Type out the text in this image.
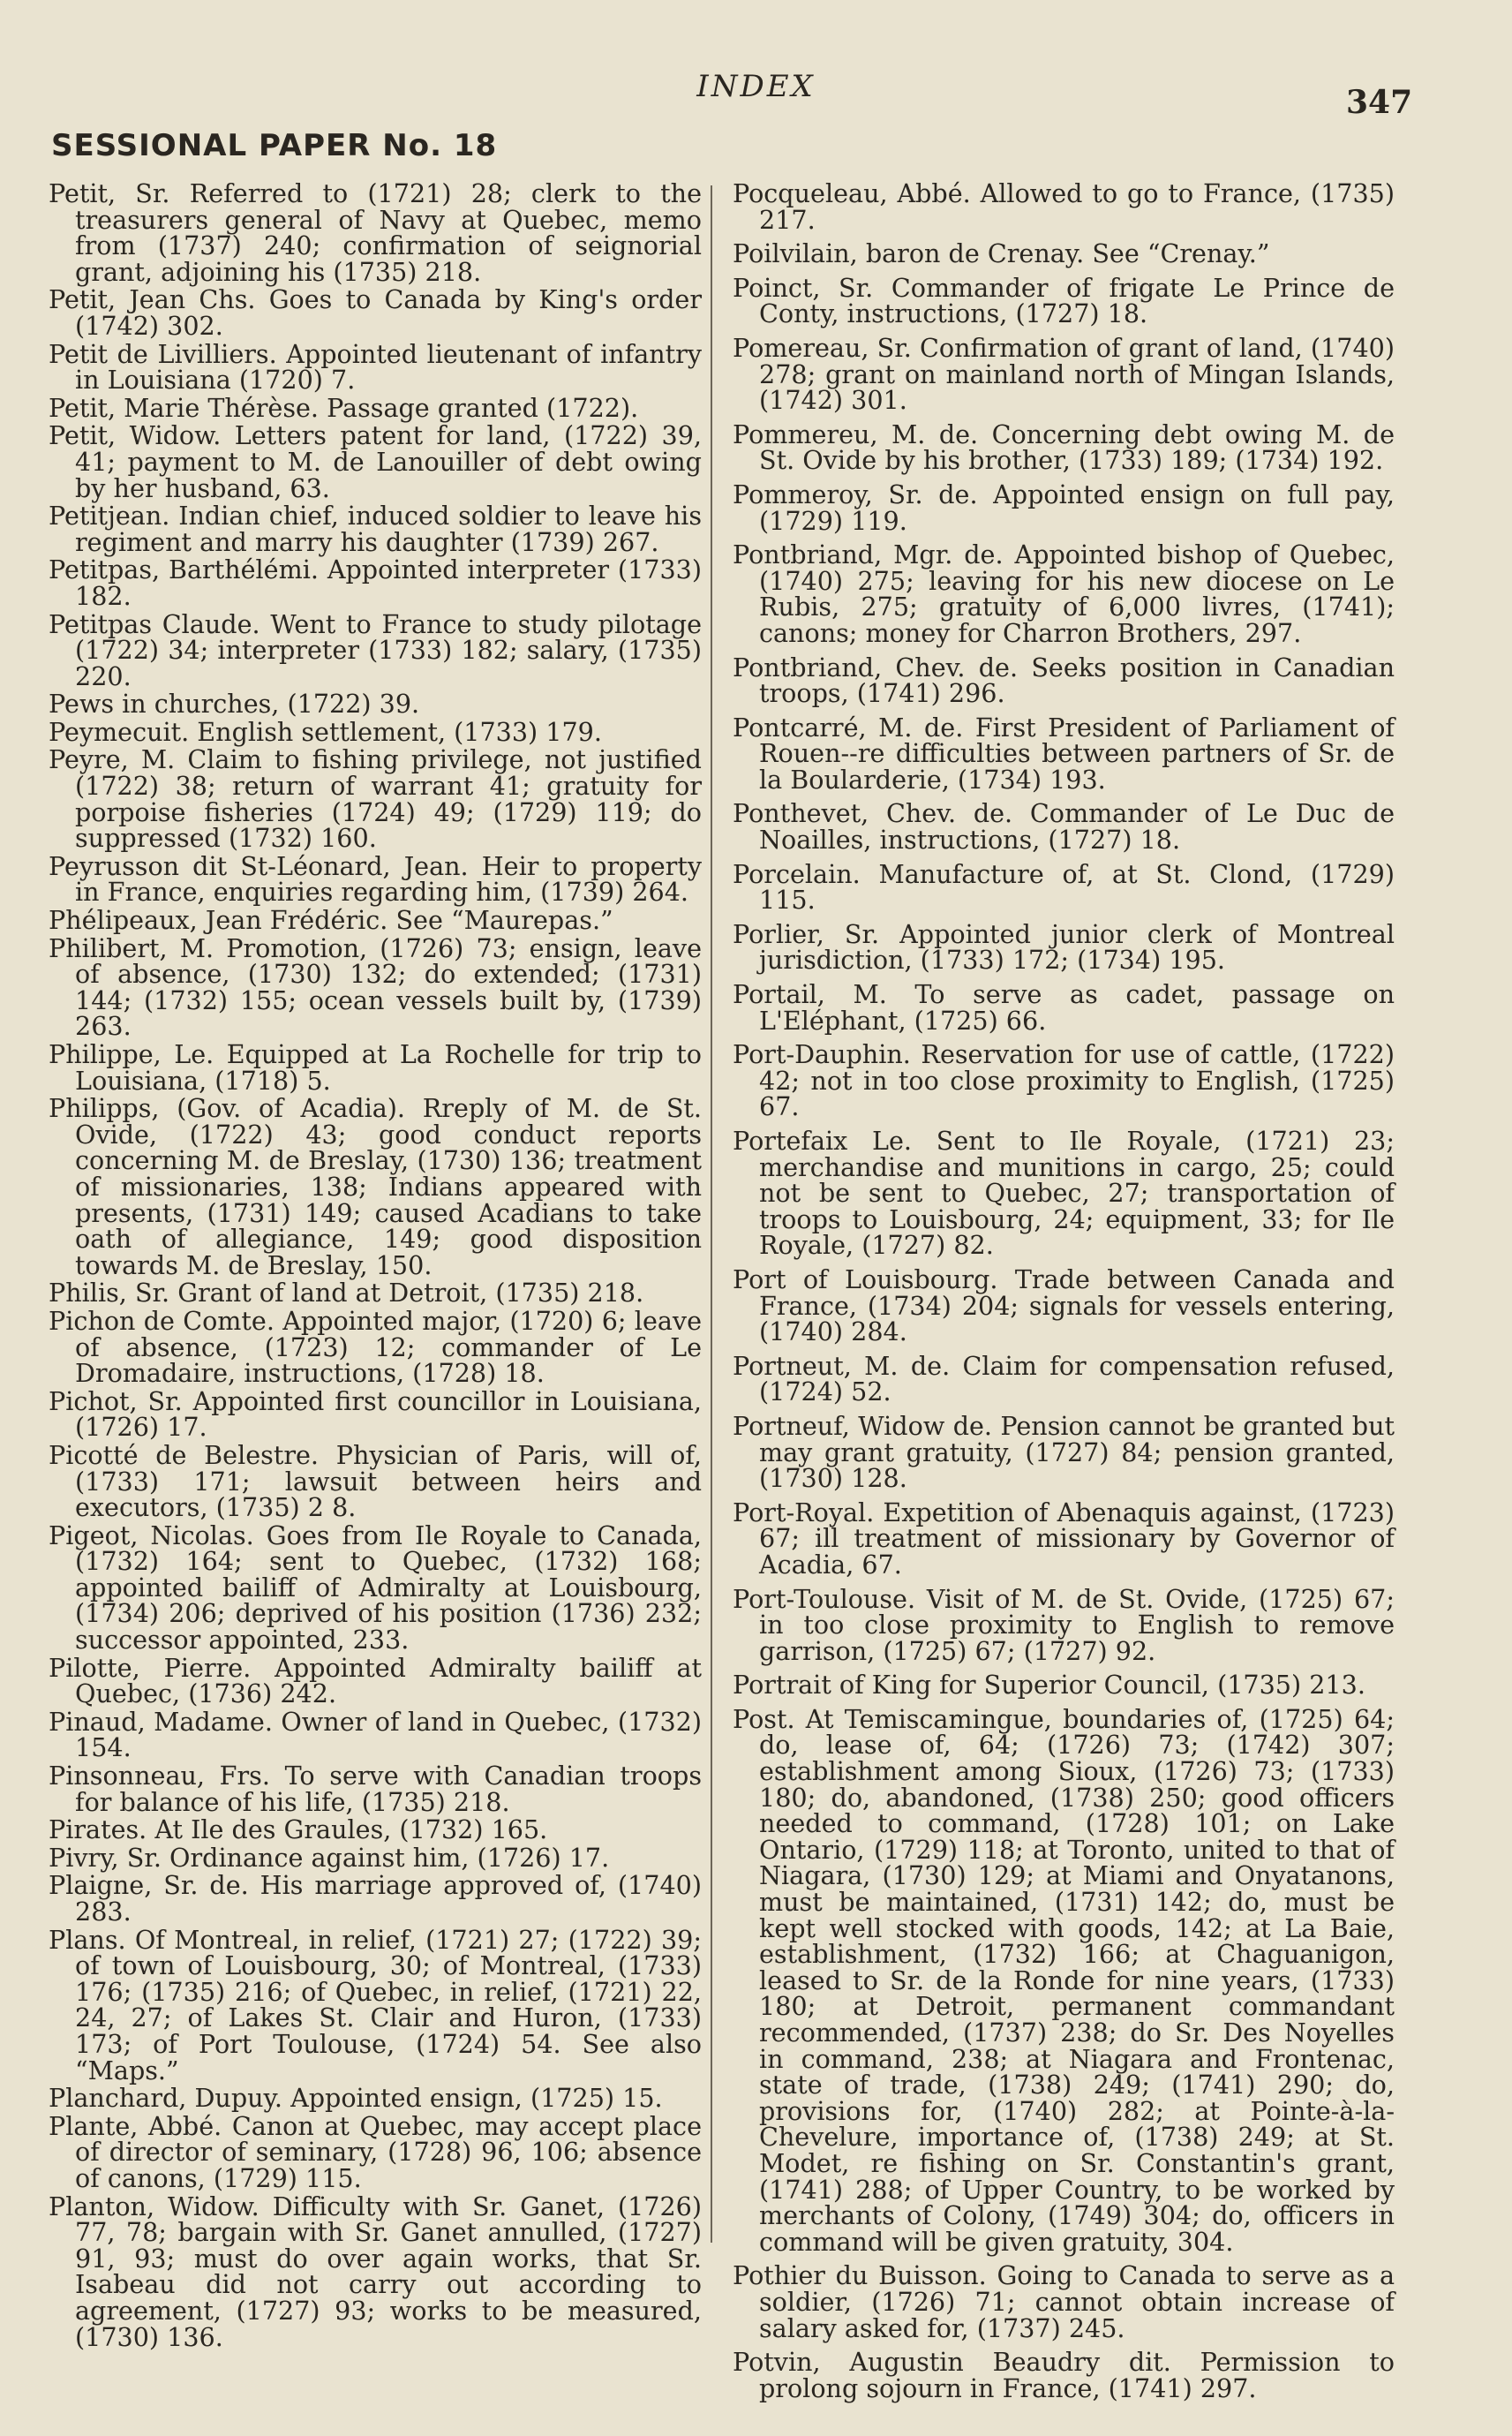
INDEX	347
SESSIONAL PAPER No. 18

Petit, Sr. Referred to (1721) 28; clerk to the treasurers general of Navy at Quebec, memo from (1737) 240; confirmation of seignorial grant, adjoining his (1735) 218.

Petit, Jean Chs. Goes to Canada by King's order (1742) 302.

Petit de Livilliers. Appointed lieutenant of infantry in Louisiana (1720) 7.

Petit, Marie Thérèse. Passage granted (1722).

Petit, Widow. Letters patent for land, (1722) 39, 41; payment to M. de Lanouiller of debt owing by her husband, 63.

Petitjean. Indian chief, induced soldier to leave his regiment and marry his daughter (1739) 267.

Petitpas, Barthélémi. Appointed interpreter (1733) 182.

Petitpas Claude. Went to France to study pilotage (1722) 34; interpreter (1733) 182; salary, (1735) 220.

Pews in churches, (1722) 39.

Peymecuit. English settlement, (1733) 179.

Peyre, M. Claim to fishing privilege, not justified (1722) 38; return of warrant 41; gratuity for porpoise fisheries (1724) 49; (1729) 119; do suppressed (1732) 160.

Peyrusson dit St-Léonard, Jean. Heir to property in France, enquiries regarding him, (1739) 264.

Phélipeaux, Jean Frédéric. See “Maurepas.”

Philibert, M. Promotion, (1726) 73; ensign, leave of absence, (1730) 132; do extended; (1731) 144; (1732) 155; ocean vessels built by, (1739) 263.

Philippe, Le. Equipped at La Rochelle for trip to Louisiana, (1718) 5.

Philipps, (Gov. of Acadia). Rreply of M. de St. Ovide, (1722) 43; good conduct reports concerning M. de Breslay, (1730) 136; treatment of missionaries, 138; Indians appeared with presents, (1731) 149; caused Acadians to take oath of allegiance, 149; good disposition towards M. de Breslay, 150.

Philis, Sr. Grant of land at Detroit, (1735) 218.

Pichon de Comte. Appointed major, (1720) 6; leave of absence, (1723) 12; commander of Le Dromadaire, instructions, (1728) 18.

Pichot, Sr. Appointed first councillor in Louisiana, (1726) 17.

Picotté de Belestre. Physician of Paris, will of, (1733) 171; lawsuit between heirs and executors, (1735) 2 8.

Pigeot, Nicolas. Goes from Ile Royale to Canada, (1732) 164; sent to Quebec, (1732) 168; appointed bailiff of Admiralty at Louisbourg, (1734) 206; deprived of his position (1736) 232; successor appointed, 233.

Pilotte, Pierre. Appointed Admiralty bailiff at Quebec, (1736) 242.

Pinaud, Madame. Owner of land in Quebec, (1732) 154.

Pinsonneau, Frs. To serve with Canadian troops for balance of his life, (1735) 218.

Pirates. At Ile des Graules, (1732) 165.

Pivry, Sr. Ordinance against him, (1726) 17.

Plaigne, Sr. de. His marriage approved of, (1740) 283.

Plans. Of Montreal, in relief, (1721) 27; (1722) 39; of town of Louisbourg, 30; of Montreal, (1733) 176; (1735) 216; of Quebec, in relief, (1721) 22, 24, 27; of Lakes St. Clair and Huron, (1733) 173; of Port Toulouse, (1724) 54. See also “Maps.”

Planchard, Dupuy. Appointed ensign, (1725) 15.

Plante, Abbé. Canon at Quebec, may accept place of director of seminary, (1728) 96, 106; absence of canons, (1729) 115.

Planton, Widow. Difficulty with Sr. Ganet, (1726) 77, 78; bargain with Sr. Ganet annulled, (1727) 91, 93; must do over again works, that Sr. Isabeau did not carry out according to agreement, (1727) 93; works to be measured, (1730) 136.

Pocqueleau, Abbé. Allowed to go to France, (1735) 217.

Poilvilain, baron de Crenay. See “Crenay.”

Poinct, Sr. Commander of frigate Le Prince de Conty, instructions, (1727) 18.

Pomereau, Sr. Confirmation of grant of land, (1740) 278; grant on mainland north of Mingan Islands, (1742) 301.

Pommereu, M. de. Concerning debt owing M. de St. Ovide by his brother, (1733) 189; (1734) 192.

Pommeroy, Sr. de. Appointed ensign on full pay, (1729) 119.

Pontbriand, Mgr. de. Appointed bishop of Quebec, (1740) 275; leaving for his new diocese on Le Rubis, 275; gratuity of 6,000 livres, (1741); canons; money for Charron Brothers, 297.

Pontbriand, Chev. de. Seeks position in Canadian troops, (1741) 296.

Pontcarré, M. de. First President of Parliament of Rouen--re difficulties between partners of Sr. de la Boularderie, (1734) 193.

Ponthevet, Chev. de. Commander of Le Duc de Noailles, instructions, (1727) 18.

Porcelain. Manufacture of, at St. Clond, (1729) 115.

Porlier, Sr. Appointed junior clerk of Montreal jurisdiction, (1733) 172; (1734) 195.

Portail, M. To serve as cadet, passage on L'Eléphant, (1725) 66.

Port-Dauphin. Reservation for use of cattle, (1722) 42; not in too close proximity to English, (1725) 67.

Portefaix Le. Sent to Ile Royale, (1721) 23; merchandise and munitions in cargo, 25; could not be sent to Quebec, 27; transportation of troops to Louisbourg, 24; equipment, 33; for Ile Royale, (1727) 82.

Port of Louisbourg. Trade between Canada and France, (1734) 204; signals for vessels entering, (1740) 284.

Portneut, M. de. Claim for compensation refused, (1724) 52.

Portneuf, Widow de. Pension cannot be granted but may grant gratuity, (1727) 84; pension granted, (1730) 128.

Port-Royal. Expetition of Abenaquis against, (1723) 67; ill treatment of missionary by Governor of Acadia, 67.

Port-Toulouse. Visit of M. de St. Ovide, (1725) 67; in too close proximity to English to remove garrison, (1725) 67; (1727) 92.

Portrait of King for Superior Council, (1735) 213.

Post. At Temiscamingue, boundaries of, (1725) 64; do, lease of, 64; (1726) 73; (1742) 307; establishment among Sioux, (1726) 73; (1733) 180; do, abandoned, (1738) 250; good officers needed to command, (1728) 101; on Lake Ontario, (1729) 118; at Toronto, united to that of Niagara, (1730) 129; at Miami and Onyatanons, must be maintained, (1731) 142; do, must be kept well stocked with goods, 142; at La Baie, establishment, (1732) 166; at Chaguanigon, leased to Sr. de la Ronde for nine years, (1733) 180; at Detroit, permanent commandant recommended, (1737) 238; do Sr. Des Noyelles in command, 238; at Niagara and Frontenac, state of trade, (1738) 249; (1741) 290; do, provisions for, (1740) 282; at Pointe-à-la-Chevelure, importance of, (1738) 249; at St. Modet, re fishing on Sr. Constantin's grant, (1741) 288; of Upper Country, to be worked by merchants of Colony, (1749) 304; do, officers in command will be given gratuity, 304.

Pothier du Buisson. Going to Canada to serve as a soldier, (1726) 71; cannot obtain increase of salary asked for, (1737) 245.

Potvin, Augustin Beaudry dit. Permission to prolong sojourn in France, (1741) 297.
